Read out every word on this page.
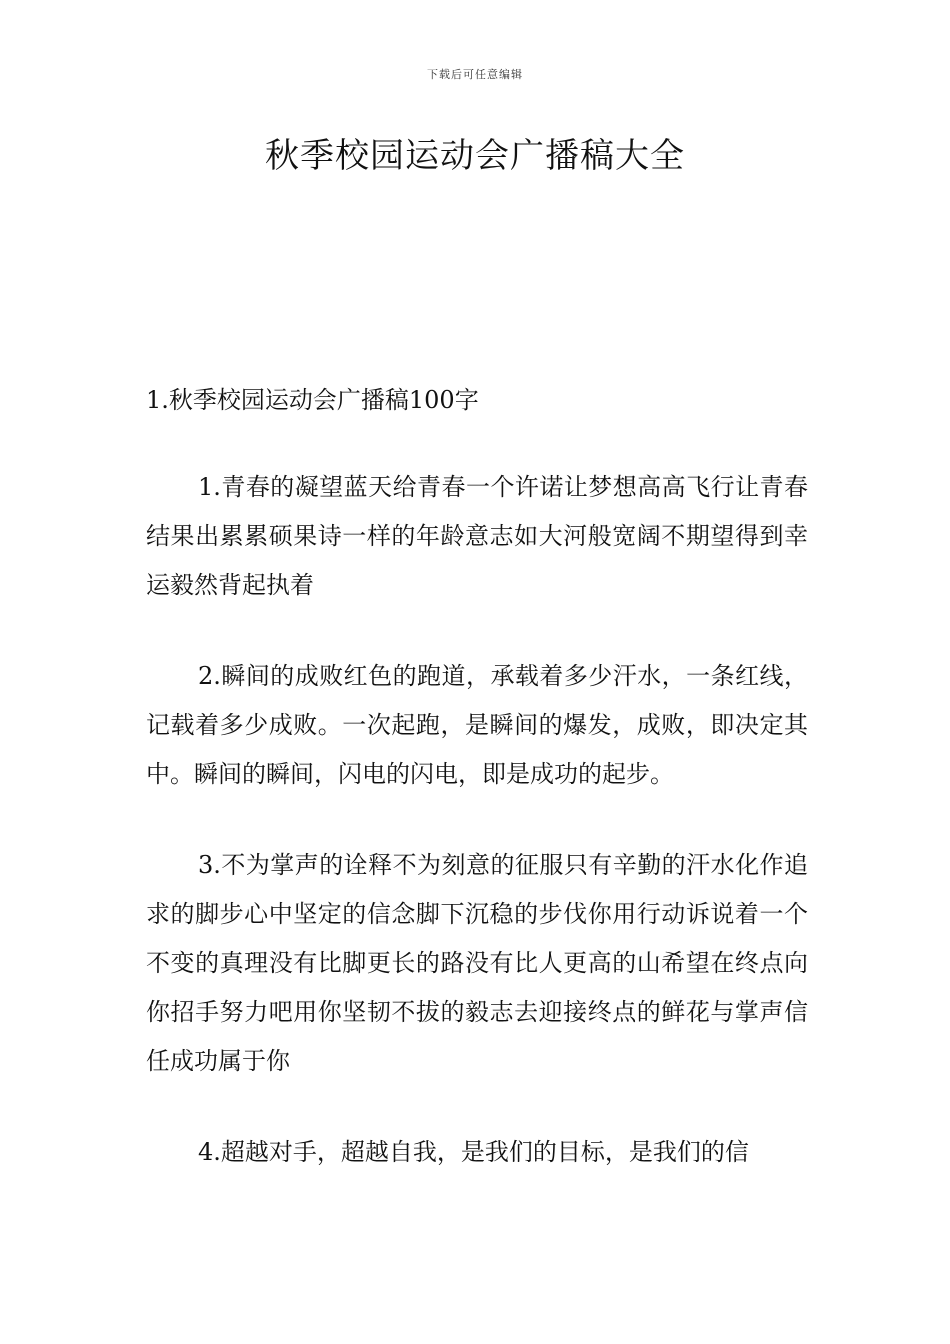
下载后可任意编辑
秋季校园运动会广播稿大全

1.秋季校园运动会广播稿100字

1.青春的凝望蓝天给青春一个许诺让梦想高高飞行让青春结果出累累硕果诗一样的年龄意志如大河般宽阔不期望得到幸运毅然背起执着

2.瞬间的成败红色的跑道，承载着多少汗水，一条红线，记载着多少成败。一次起跑，是瞬间的爆发，成败，即决定其中。瞬间的瞬间，闪电的闪电，即是成功的起步。

3.不为掌声的诠释不为刻意的征服只有辛勤的汗水化作追求的脚步心中坚定的信念脚下沉稳的步伐你用行动诉说着一个不变的真理没有比脚更长的路没有比人更高的山希望在终点向你招手努力吧用你坚韧不拔的毅志去迎接终点的鲜花与掌声信任成功属于你

4.超越对手，超越自我，是我们的目标，是我们的信
